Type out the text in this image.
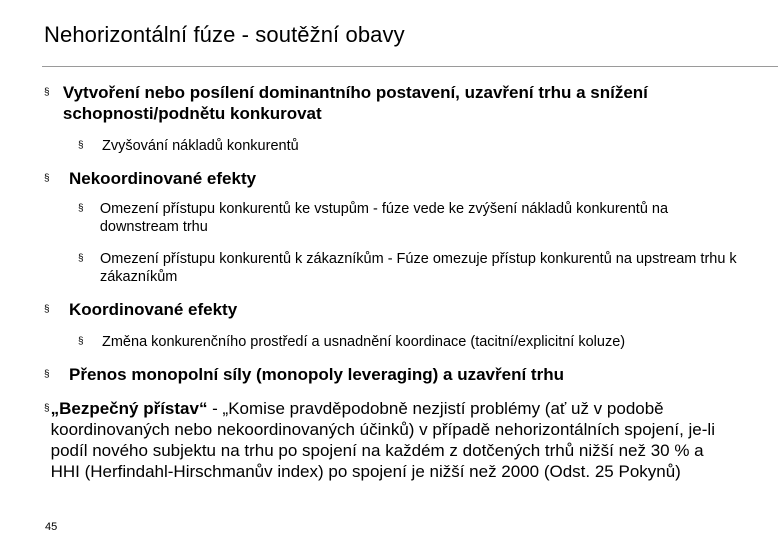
Nehorizontální fúze - soutěžní obavy
§ Vytvoření nebo posílení dominantního postavení, uzavření trhu a snížení schopnosti/podnětu konkurovat
§	Zvyšování nákladů konkurentů
§	Nekoordinované efekty
§	Omezení přístupu konkurentů ke vstupům - fúze vede ke zvýšení nákladů konkurentů na downstream trhu
§	Omezení přístupu konkurentů k zákazníkům - Fúze omezuje přístup konkurentů na upstream trhu k zákazníkům
§	Koordinované efekty
§	Změna konkurenčního prostředí a usnadnění koordinace (tacitní/explicitní koluze)
§	Přenos monopolní síly (monopoly leveraging) a uzavření trhu
§ „Bezpečný přístav“ - „Komise pravděpodobně nezjistí problémy (ať už v podobě koordinovaných nebo nekoordinovaných účinků) v případě nehorizontálních spojení, je-li podíl nového subjektu na trhu po spojení na každém z dotčených trhů nižší než 30 % a HHI (Herfindahl-Hirschmanův index) po spojení je nižší než 2000 (Odst. 25 Pokynů)
45
